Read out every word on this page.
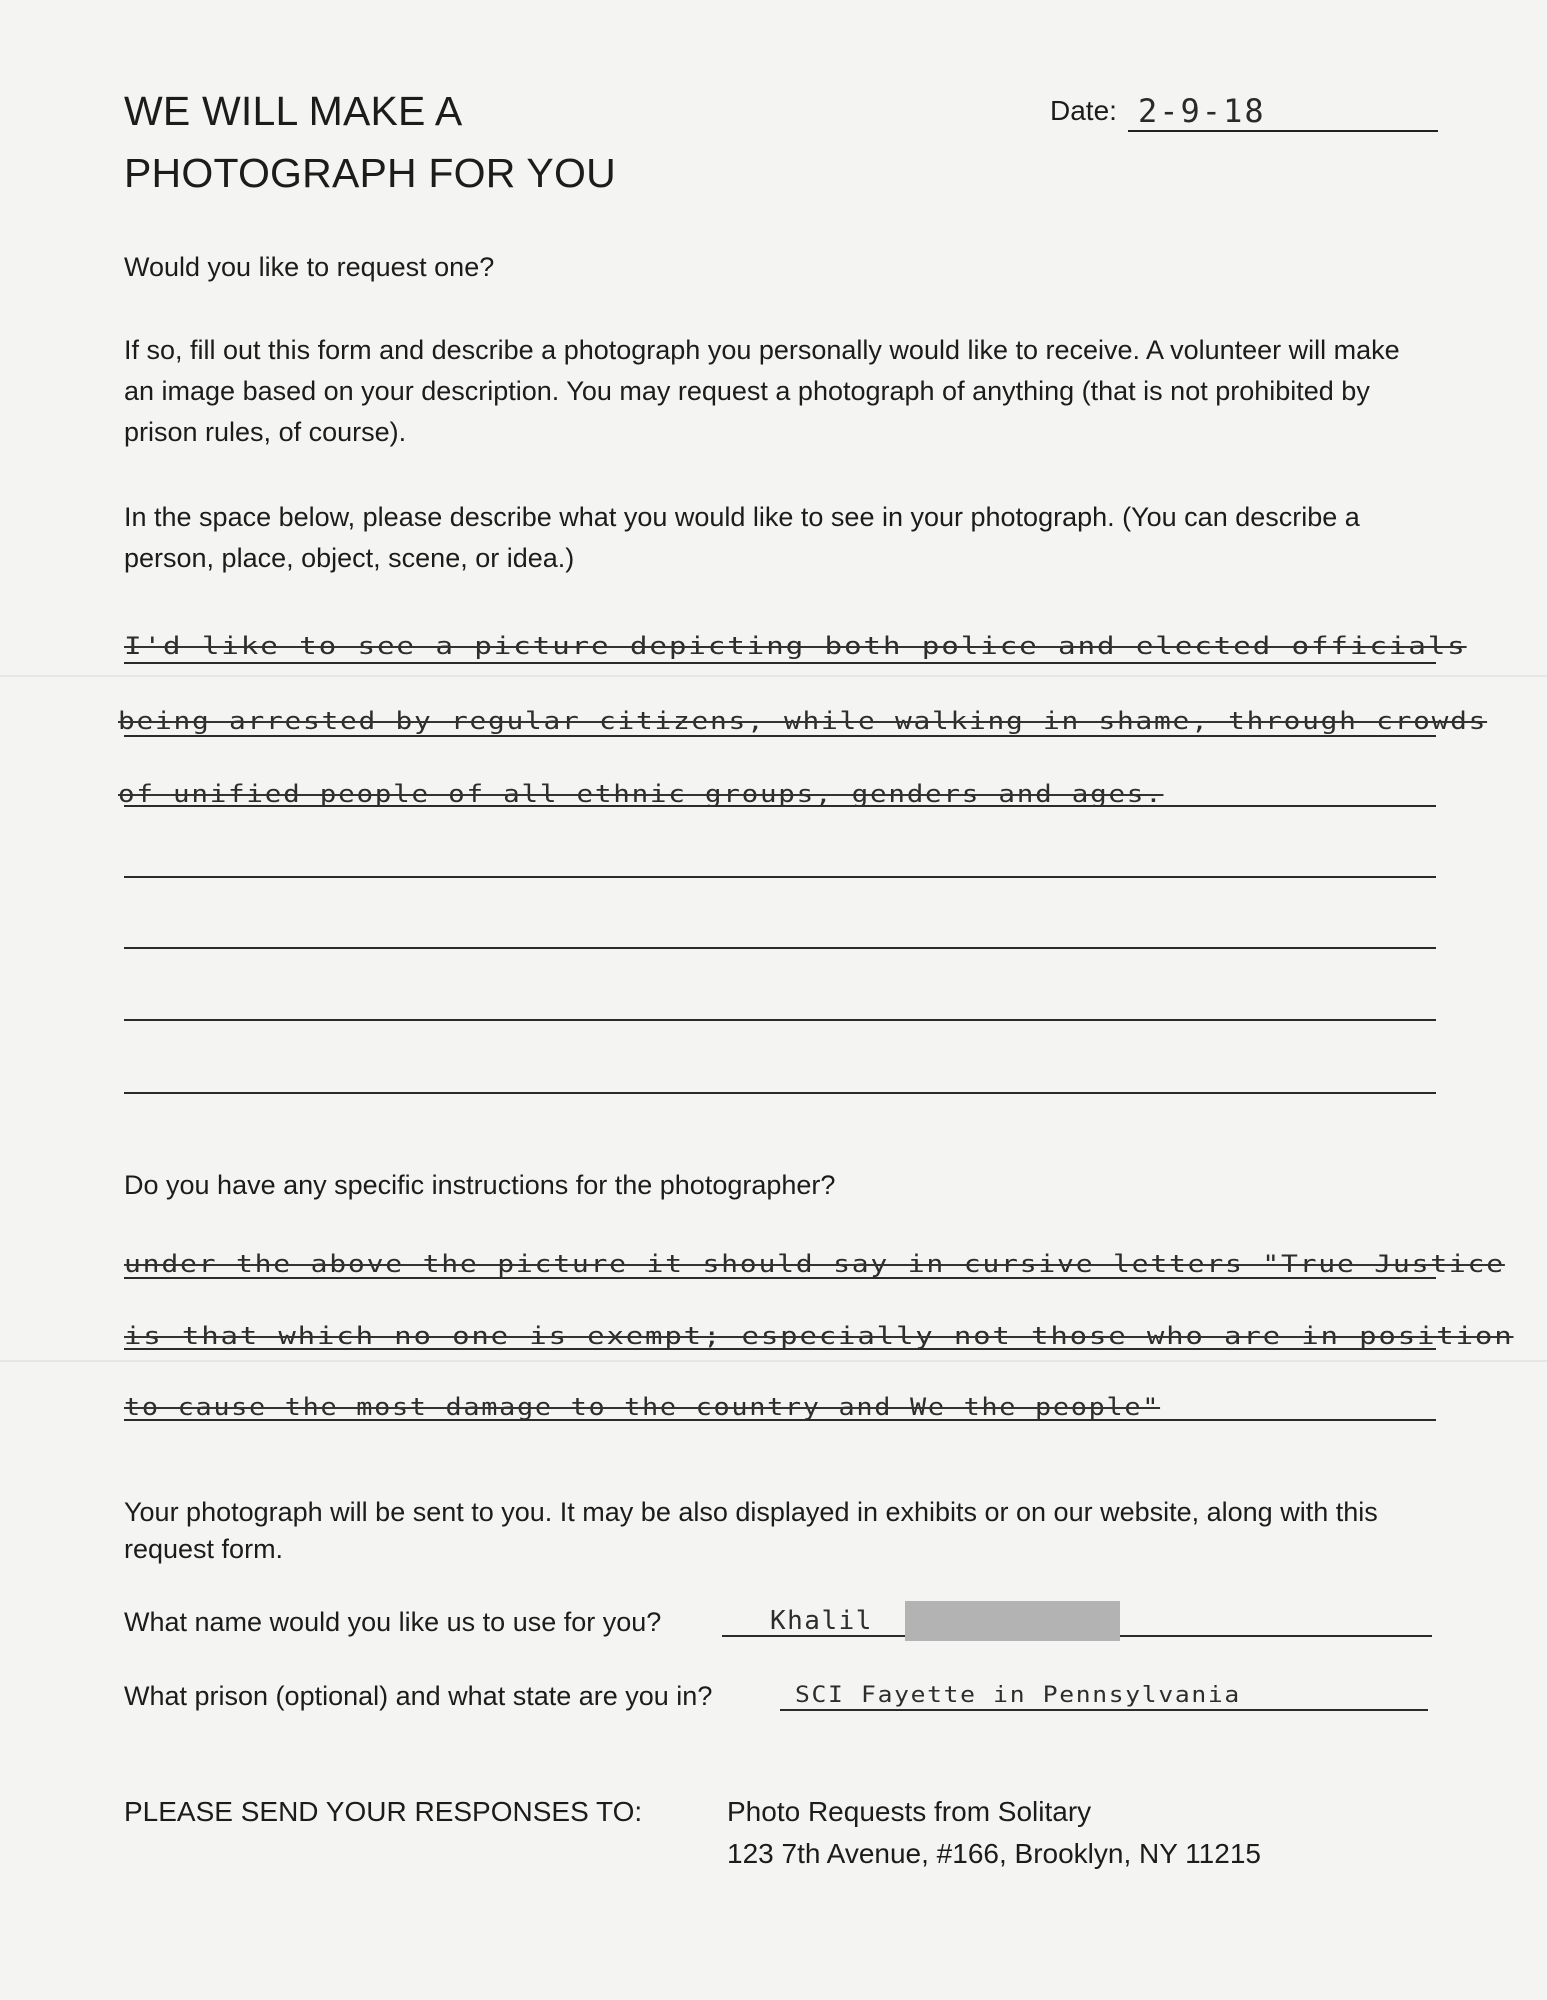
WE WILL MAKE A
PHOTOGRAPH FOR YOU
Date: 2-9-18
Would you like to request one?
If so, fill out this form and describe a photograph you personally would like to receive. A volunteer will make an image based on your description. You may request a photograph of anything (that is not prohibited by prison rules, of course).
In the space below, please describe what you would like to see in your photograph. (You can describe a person, place, object, scene, or idea.)
I'd like to see a picture depicting both police and elected officials
being arrested by regular citizens, while walking in shame, through crowds
of unified people of all ethnic groups, genders and ages.
Do you have any specific instructions for the photographer?
under the above the picture it should say in cursive letters "True Justice
is that which no one is exempt; especially not those who are in position
to cause the most damage to the country and We the people"
Your photograph will be sent to you. It may be also displayed in exhibits or on our website, along with this request form.
What name would you like us to use for you?	Khalil
What prison (optional) and what state are you in?	SCI Fayette in Pennsylvania
PLEASE SEND YOUR RESPONSES TO:	Photo Requests from Solitary
123 7th Avenue, #166, Brooklyn, NY 11215
